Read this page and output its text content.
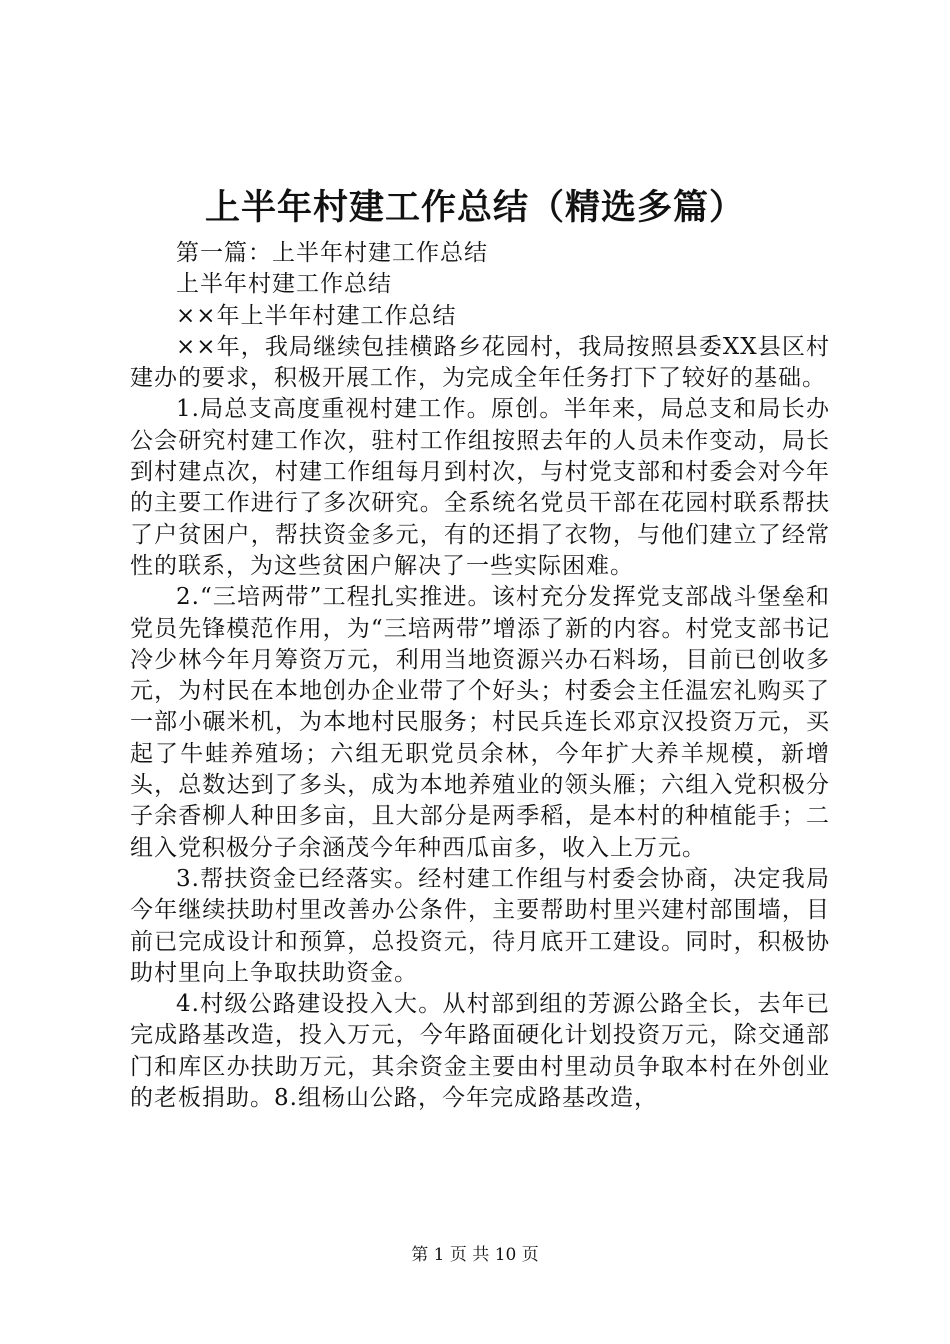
上半年村建工作总结（精选多篇）

第一篇：上半年村建工作总结

上半年村建工作总结

××年上半年村建工作总结

××年，我局继续包挂横路乡花园村，我局按照县委XX县区村建办的要求，积极开展工作，为完成全年任务打下了较好的基础。

1.局总支高度重视村建工作。原创。半年来，局总支和局长办公会研究村建工作次，驻村工作组按照去年的人员未作变动，局长到村建点次，村建工作组每月到村次，与村党支部和村委会对今年的主要工作进行了多次研究。全系统名党员干部在花园村联系帮扶了户贫困户，帮扶资金多元，有的还捐了衣物，与他们建立了经常性的联系，为这些贫困户解决了一些实际困难。

2.“三培两带”工程扎实推进。该村充分发挥党支部战斗堡垒和党员先锋模范作用，为“三培两带”增添了新的内容。村党支部书记冷少林今年月筹资万元，利用当地资源兴办石料场，目前已创收多元，为村民在本地创办企业带了个好头；村委会主任温宏礼购买了一部小碾米机，为本地村民服务；村民兵连长邓京汉投资万元，买起了牛蛙养殖场；六组无职党员余林，今年扩大养羊规模，新增头，总数达到了多头，成为本地养殖业的领头雁；六组入党积极分子余香柳人种田多亩，且大部分是两季稻，是本村的种植能手；二组入党积极分子余涵茂今年种西瓜亩多，收入上万元。

3.帮扶资金已经落实。经村建工作组与村委会协商，决定我局今年继续扶助村里改善办公条件，主要帮助村里兴建村部围墙，目前已完成设计和预算，总投资元，待月底开工建设。同时，积极协助村里向上争取扶助资金。

4.村级公路建设投入大。从村部到组的芳源公路全长，去年已完成路基改造，投入万元，今年路面硬化计划投资万元，除交通部门和库区办扶助万元，其余资金主要由村里动员争取本村在外创业的老板捐助。8.组杨山公路，今年完成路基改造，

第 1 页 共 10 页
